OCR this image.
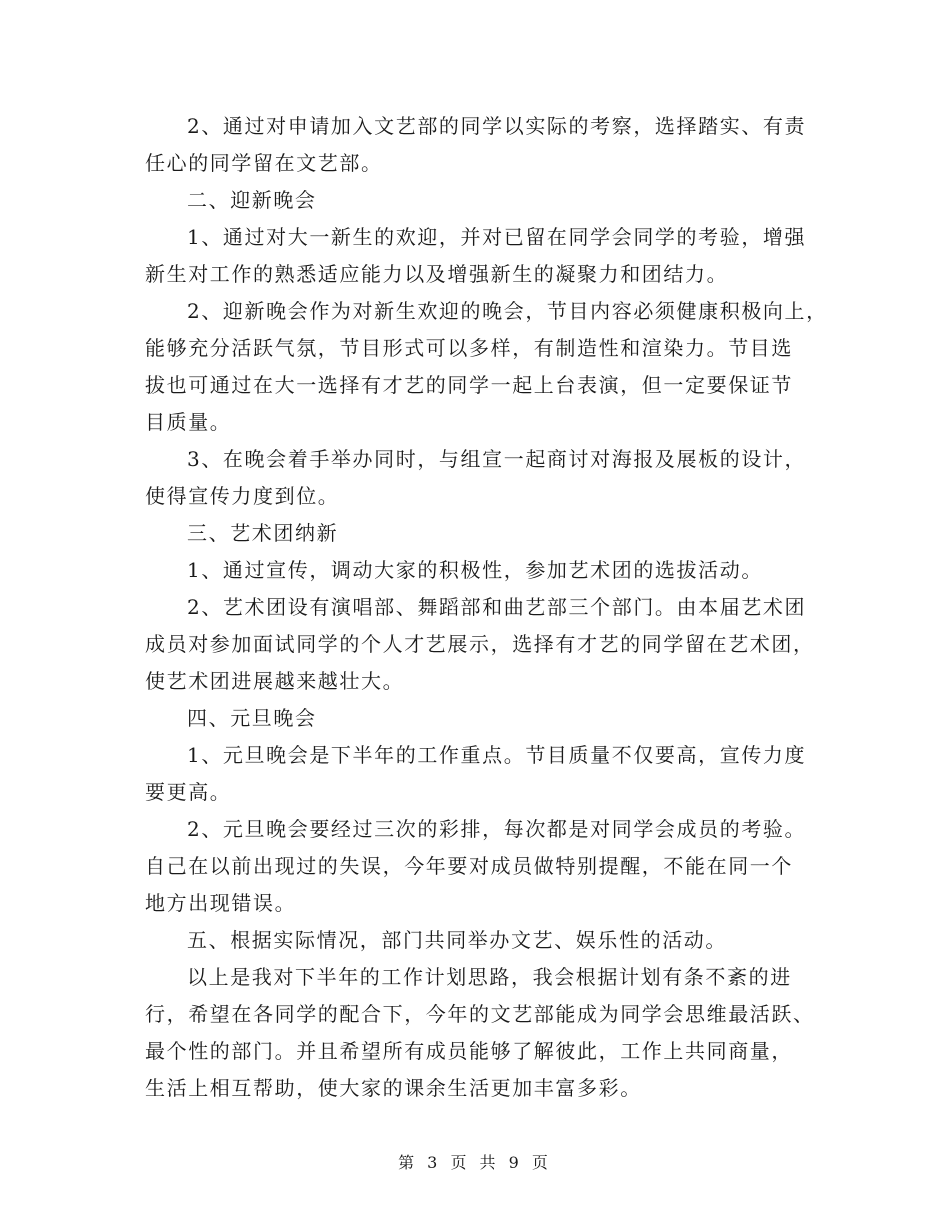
2、通过对申请加入文艺部的同学以实际的考察，选择踏实、有责
任心的同学留在文艺部。
二、迎新晚会
1、通过对大一新生的欢迎，并对已留在同学会同学的考验，增强
新生对工作的熟悉适应能力以及增强新生的凝聚力和团结力。
2、迎新晚会作为对新生欢迎的晚会，节目内容必须健康积极向上，
能够充分活跃气氛，节目形式可以多样，有制造性和渲染力。节目选
拔也可通过在大一选择有才艺的同学一起上台表演，但一定要保证节
目质量。
3、在晚会着手举办同时，与组宣一起商讨对海报及展板的设计，
使得宣传力度到位。
三、艺术团纳新
1、通过宣传，调动大家的积极性，参加艺术团的选拔活动。
2、艺术团设有演唱部、舞蹈部和曲艺部三个部门。由本届艺术团
成员对参加面试同学的个人才艺展示，选择有才艺的同学留在艺术团，
使艺术团进展越来越壮大。
四、元旦晚会
1、元旦晚会是下半年的工作重点。节目质量不仅要高，宣传力度
要更高。
2、元旦晚会要经过三次的彩排，每次都是对同学会成员的考验。
自己在以前出现过的失误，今年要对成员做特别提醒，不能在同一个
地方出现错误。
五、根据实际情况，部门共同举办文艺、娱乐性的活动。
以上是我对下半年的工作计划思路，我会根据计划有条不紊的进
行，希望在各同学的配合下，今年的文艺部能成为同学会思维最活跃、
最个性的部门。并且希望所有成员能够了解彼此，工作上共同商量，
生活上相互帮助，使大家的课余生活更加丰富多彩。
第 3 页 共 9 页
